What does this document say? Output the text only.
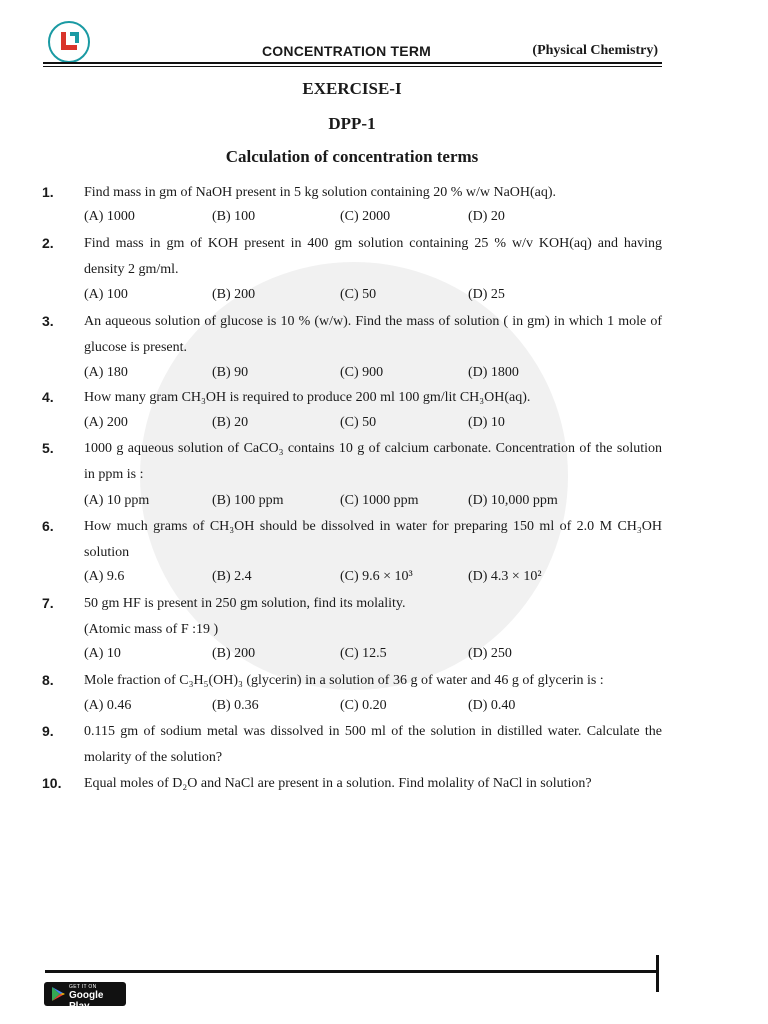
CONCENTRATION TERM	(Physical Chemistry)
EXERCISE-I
DPP-1
Calculation of concentration terms
1. Find mass in gm of NaOH present in 5 kg solution containing 20 % w/w NaOH(aq).
(A) 1000	(B) 100	(C) 2000	(D) 20
2. Find mass in gm of KOH present in 400 gm solution containing 25 % w/v KOH(aq) and having density 2 gm/ml.
(A) 100	(B) 200	(C) 50	(D) 25
3. An aqueous solution of glucose is 10 % (w/w). Find the mass of solution ( in gm) in which 1 mole of glucose is present.
(A) 180	(B) 90	(C) 900	(D) 1800
4. How many gram CH₃OH is required to produce 200 ml 100 gm/lit CH₃OH(aq).
(A) 200	(B) 20	(C) 50	(D) 10
5. 1000 g aqueous solution of CaCO₃ contains 10 g of calcium carbonate. Concentration of the solution in ppm is :
(A) 10 ppm	(B) 100 ppm	(C) 1000 ppm	(D) 10,000 ppm
6. How much grams of CH₃OH should be dissolved in water for preparing 150 ml of 2.0 M CH₃OH solution
(A) 9.6	(B) 2.4	(C) 9.6 × 10³	(D) 4.3 × 10²
7. 50 gm HF is present in 250 gm solution, find its molality.
(Atomic mass of F :19 )
(A) 10	(B) 200	(C) 12.5	(D) 250
8. Mole fraction of C₃H₅(OH)₃ (glycerin) in a solution of 36 g of water and 46 g of glycerin is :
(A) 0.46	(B) 0.36	(C) 0.20	(D) 0.40
9. 0.115 gm of sodium metal was dissolved in 500 ml of the solution in distilled water. Calculate the molarity of the solution?
10. Equal moles of D₂O and NaCl are present in a solution. Find molality of NaCl in solution?
GET IT ON
Google Play
